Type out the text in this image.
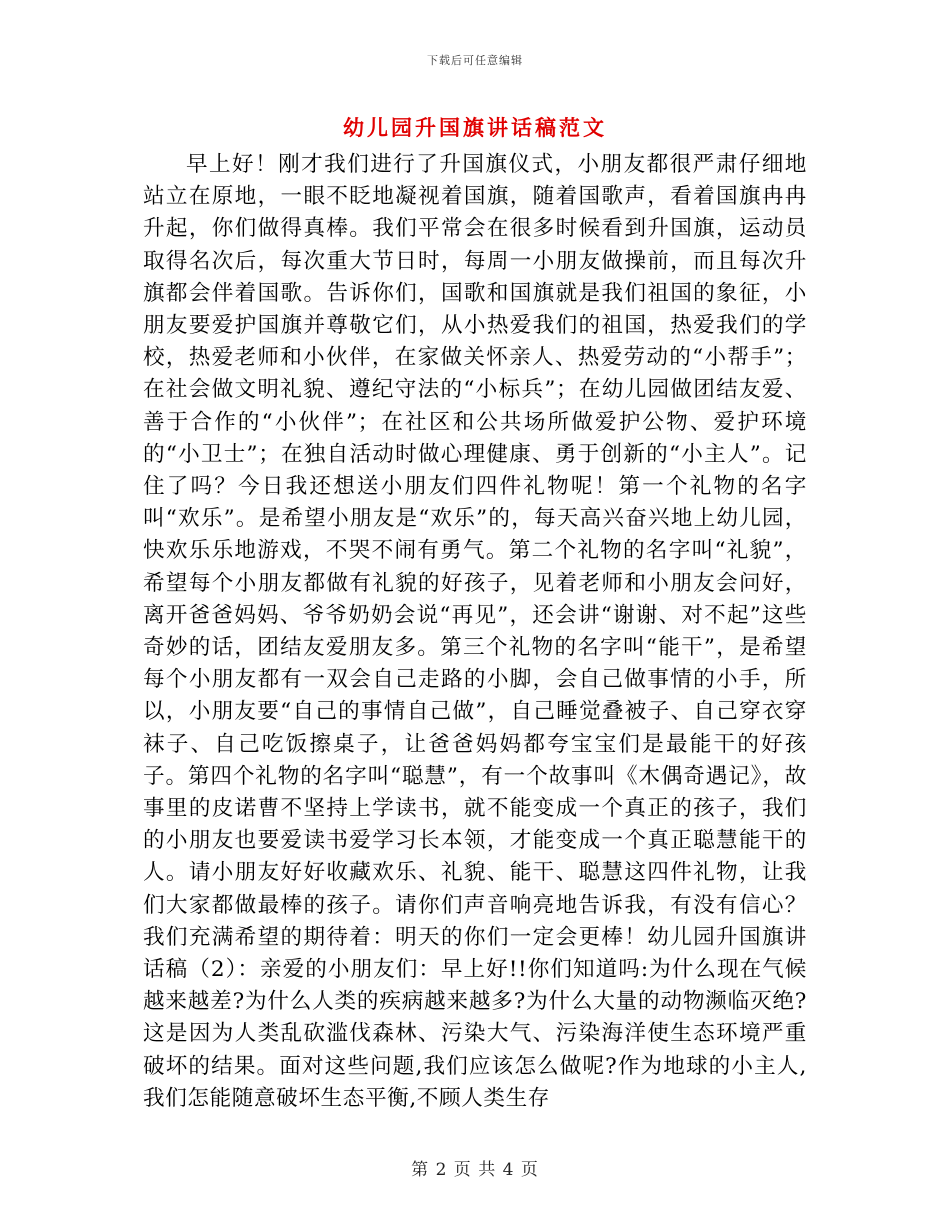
下载后可任意编辑
幼儿园升国旗讲话稿范文

早上好！刚才我们进行了升国旗仪式，小朋友都很严肃仔细地站立在原地，一眼不眨地凝视着国旗，随着国歌声，看着国旗冉冉升起，你们做得真棒。我们平常会在很多时候看到升国旗，运动员取得名次后，每次重大节日时，每周一小朋友做操前，而且每次升旗都会伴着国歌。告诉你们，国歌和国旗就是我们祖国的象征，小朋友要爱护国旗并尊敬它们，从小热爱我们的祖国，热爱我们的学校，热爱老师和小伙伴，在家做关怀亲人、热爱劳动的“小帮手”；在社会做文明礼貌、遵纪守法的“小标兵”；在幼儿园做团结友爱、善于合作的“小伙伴”；在社区和公共场所做爱护公物、爱护环境的“小卫士”；在独自活动时做心理健康、勇于创新的“小主人”。记住了吗？今日我还想送小朋友们四件礼物呢！第一个礼物的名字叫“欢乐”。是希望小朋友是“欢乐”的，每天高兴奋兴地上幼儿园，快欢乐乐地游戏，不哭不闹有勇气。第二个礼物的名字叫“礼貌”，希望每个小朋友都做有礼貌的好孩子，见着老师和小朋友会问好，离开爸爸妈妈、爷爷奶奶会说“再见”，还会讲“谢谢、对不起”这些奇妙的话，团结友爱朋友多。第三个礼物的名字叫“能干”，是希望每个小朋友都有一双会自己走路的小脚，会自己做事情的小手，所以，小朋友要“自己的事情自己做”，自己睡觉叠被子、自己穿衣穿袜子、自己吃饭擦桌子，让爸爸妈妈都夸宝宝们是最能干的好孩子。第四个礼物的名字叫“聪慧”，有一个故事叫《木偶奇遇记》，故事里的皮诺曹不坚持上学读书，就不能变成一个真正的孩子，我们的小朋友也要爱读书爱学习长本领，才能变成一个真正聪慧能干的人。请小朋友好好收藏欢乐、礼貌、能干、聪慧这四件礼物，让我们大家都做最棒的孩子。请你们声音响亮地告诉我，有没有信心？我们充满希望的期待着：明天的你们一定会更棒！幼儿园升国旗讲话稿（2）：亲爱的小朋友们：早上好!!你们知道吗:为什么现在气候越来越差?为什么人类的疾病越来越多?为什么大量的动物濒临灭绝?这是因为人类乱砍滥伐森林、污染大气、污染海洋使生态环境严重破坏的结果。面对这些问题,我们应该怎么做呢?作为地球的小主人,我们怎能随意破坏生态平衡,不顾人类生存

第 2 页 共 4 页
